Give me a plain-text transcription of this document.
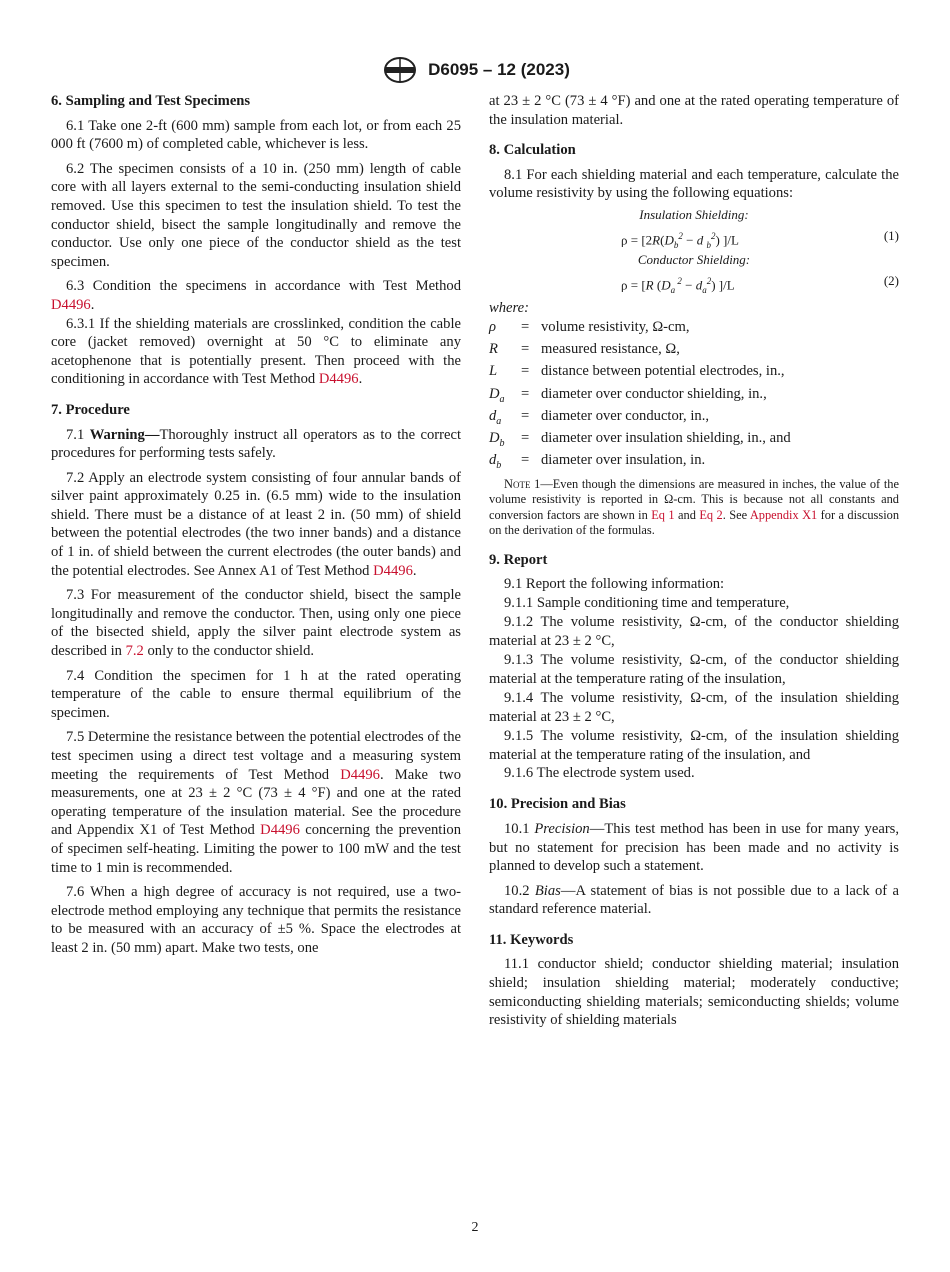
D6095 – 12 (2023)
6. Sampling and Test Specimens

6.1 Take one 2-ft (600 mm) sample from each lot, or from each 25 000 ft (7600 m) of completed cable, whichever is less.

6.2 The specimen consists of a 10 in. (250 mm) length of cable core with all layers external to the semi-conducting insulation shield removed. Use this specimen to test the insulation shield. To test the conductor shield, bisect the sample longitudinally and remove the conductor. Use only one piece of the conductor shield as the test specimen.

6.3 Condition the specimens in accordance with Test Method D4496.

6.3.1 If the shielding materials are crosslinked, condition the cable core (jacket removed) overnight at 50 °C to eliminate any acetophenone that is potentially present. Then proceed with the conditioning in accordance with Test Method D4496.

7. Procedure

7.1 Warning—Thoroughly instruct all operators as to the correct procedures for performing tests safely.

7.2 Apply an electrode system consisting of four annular bands of silver paint approximately 0.25 in. (6.5 mm) wide to the insulation shield. There must be a distance of at least 2 in. (50 mm) of shield between the potential electrodes (the two inner bands) and a distance of 1 in. of shield between the current electrodes (the outer bands) and the potential electrodes. See Annex A1 of Test Method D4496.

7.3 For measurement of the conductor shield, bisect the sample longitudinally and remove the conductor. Then, using only one piece of the bisected shield, apply the silver paint electrode system as described in 7.2 only to the conductor shield.

7.4 Condition the specimen for 1 h at the rated operating temperature of the cable to ensure thermal equilibrium of the specimen.

7.5 Determine the resistance between the potential electrodes of the test specimen using a direct test voltage and a measuring system meeting the requirements of Test Method D4496. Make two measurements, one at 23 ± 2 °C (73 ± 4 °F) and one at the rated operating temperature of the insulation material. See the procedure and Appendix X1 of Test Method D4496 concerning the prevention of specimen self-heating. Limiting the power to 100 mW and the test time to 1 min is recommended.

7.6 When a high degree of accuracy is not required, use a two-electrode method employing any technique that permits the resistance to be measured with an accuracy of ±5 %. Space the electrodes at least 2 in. (50 mm) apart. Make two tests, one

at 23 ± 2 °C (73 ± 4 °F) and one at the rated operating temperature of the insulation material.

8. Calculation

8.1 For each shielding material and each temperature, calculate the volume resistivity by using the following equations:

Insulation Shielding:
$\rho = [2R(D_b^2 - d$ $_b^2$) ]/L	(1)
Conductor Shielding:
ρ = [R ($D_a$ $^2 - d_a^2$) ]/L	(2)
where:
ρ	= volume resistivity, Ω-cm,
R	= measured resistance, Ω,
L	= distance between potential electrodes, in.,
$D_a$	= diameter over conductor shielding, in.,
$d_a$	= diameter over conductor, in.,
$D_b$	= diameter over insulation shielding, in., and
$d_b$	= diameter over insulation, in.

Note 1—Even though the dimensions are measured in inches, the value of the volume resistivity is reported in Ω-cm. This is because not all constants and conversion factors are shown in Eq 1 and Eq 2. See Appendix X1 for a discussion on the derivation of the formulas.

9. Report

9.1 Report the following information:

9.1.1 Sample conditioning time and temperature,

9.1.2 The volume resistivity, Ω-cm, of the conductor shielding material at 23 ± 2 °C,

9.1.3 The volume resistivity, Ω-cm, of the conductor shielding material at the temperature rating of the insulation,

9.1.4 The volume resistivity, Ω-cm, of the insulation shielding material at 23 ± 2 °C,

9.1.5 The volume resistivity, Ω-cm, of the insulation shielding material at the temperature rating of the insulation, and

9.1.6 The electrode system used.

10. Precision and Bias

10.1 Precision—This test method has been in use for many years, but no statement for precision has been made and no activity is planned to develop such a statement.

10.2 Bias—A statement of bias is not possible due to a lack of a standard reference material.

11. Keywords

11.1 conductor shield; conductor shielding material; insulation shield; insulation shielding material; moderately conductive; semiconducting shielding materials; semiconducting shields; volume resistivity of shielding materials

2
